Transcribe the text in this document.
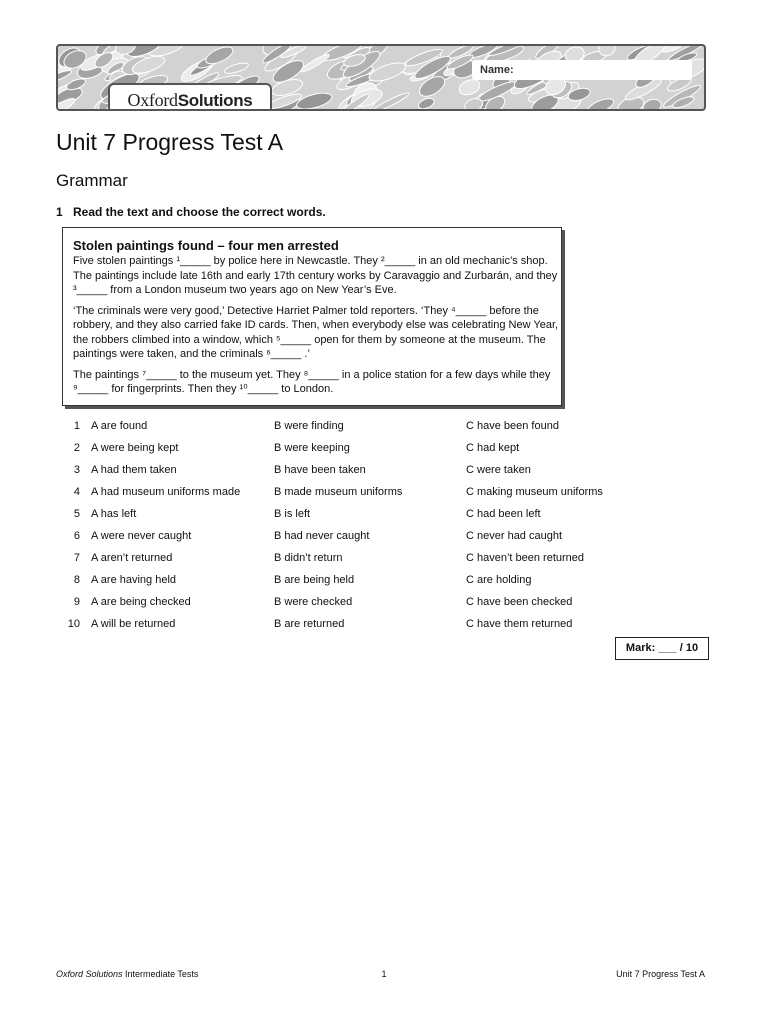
Name:
OxfordSolutions
Unit 7 Progress Test A
Grammar
1 Read the text and choose the correct words.
Stolen paintings found – four men arrested

Five stolen paintings ¹_____ by police here in Newcastle. They ²_____ in an old mechanic’s shop. The paintings include late 16th and early 17th century works by Caravaggio and Zurbarán, and they ³_____ from a London museum two years ago on New Year’s Eve.

‘The criminals were very good,’ Detective Harriet Palmer told reporters. ‘They ⁴_____ before the robbery, and they also carried fake ID cards. Then, when everybody else was celebrating New Year, the robbers climbed into a window, which ⁵_____ open for them by someone at the museum. The paintings were taken, and the criminals ⁶_____ .’

The paintings ⁷_____ to the museum yet. They ⁸_____ in a police station for a few days while they ⁹_____ for fingerprints. Then they ¹⁰_____ to London.

1	A are found	B were finding	C have been found
2	A were being kept	B were keeping	C had kept
3	A had them taken	B have been taken	C were taken
4	A had museum uniforms made	B made museum uniforms	C making museum uniforms
5	A has left	B is left	C had been left
6	A were never caught	B had never caught	C never had caught
7	A aren’t returned	B didn’t return	C haven’t been returned
8	A are having held	B are being held	C are holding
9	A are being checked	B were checked	C have been checked
10	A will be returned	B are returned	C have them returned
Mark: ___ / 10
Oxford Solutions Intermediate Tests	1	Unit 7 Progress Test A
